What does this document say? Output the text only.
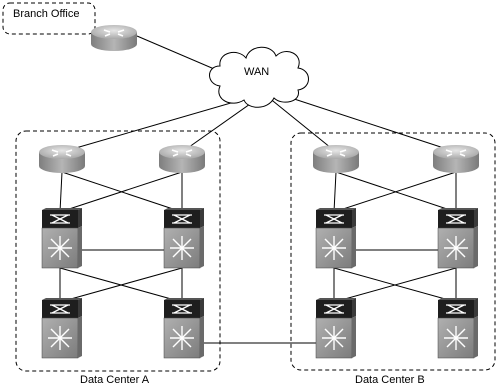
Branch Office
WAN
Data Center A	Data Center B
